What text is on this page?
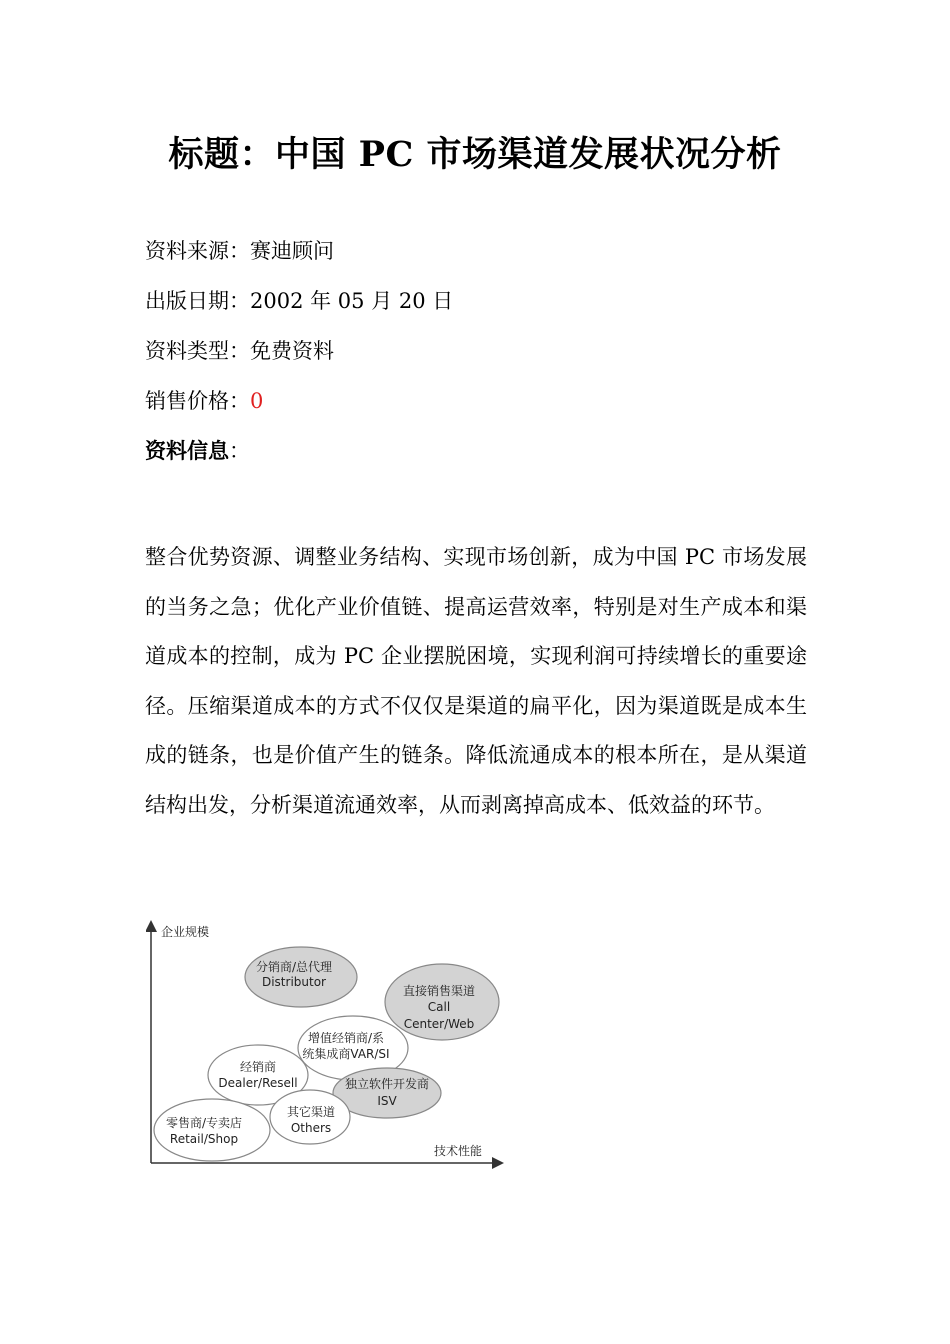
标题：中国 PC 市场渠道发展状况分析
资料来源：赛迪顾问
出版日期：2002 年 05 月 20 日
资料类型：免费资料
销售价格：0
资料信息：
整合优势资源、调整业务结构、实现市场创新，成为中国 PC 市场发展的当务之急；优化产业价值链、提高运营效率，特别是对生产成本和渠道成本的控制，成为 PC 企业摆脱困境，实现利润可持续增长的重要途径。压缩渠道成本的方式不仅仅是渠道的扁平化，因为渠道既是成本生成的链条，也是价值产生的链条。降低流通成本的根本所在，是从渠道结构出发，分析渠道流通效率，从而剥离掉高成本、低效益的环节。
企业规模
技术性能
分销商/总代理
Distributor
直接销售渠道
Call
Center/Web
增值经销商/系
统集成商VAR/SI
经销商
Dealer/Resell	独立软件开发商
ISV
其它渠道
Others
零售商/专卖店
Retail/Shop
